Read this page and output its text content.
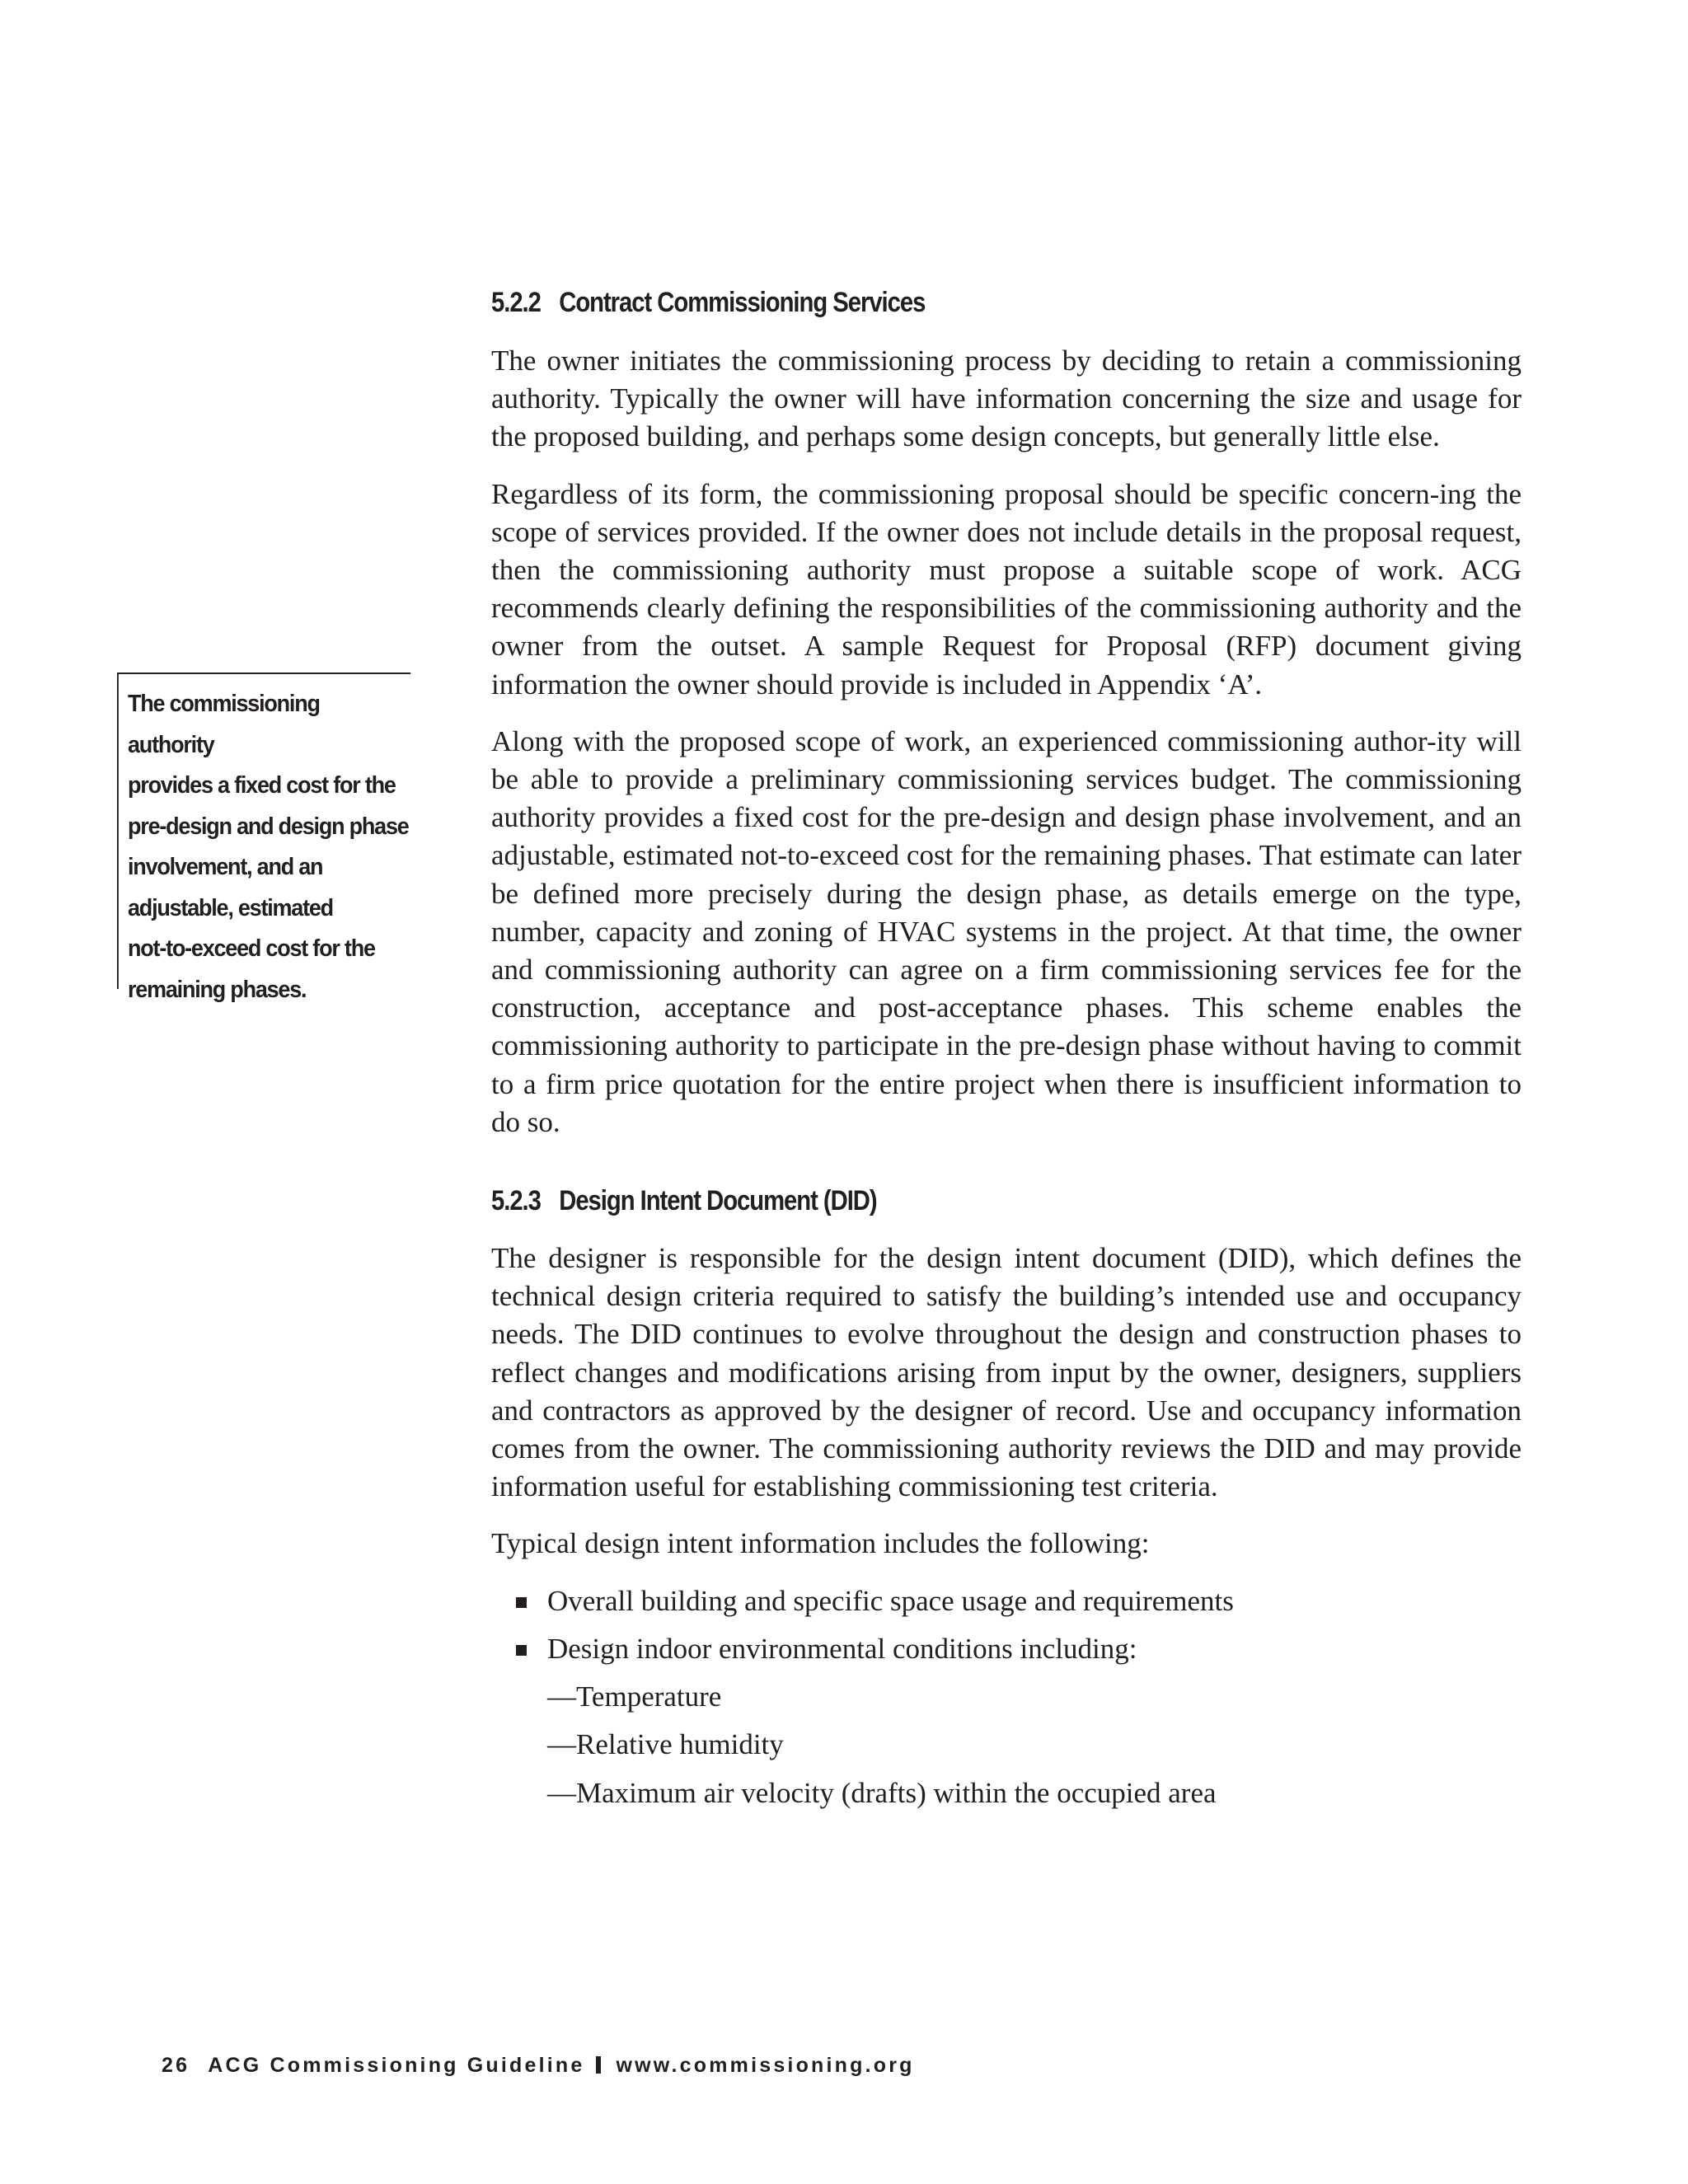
The commissioning authority
provides a fixed cost for the
pre-design and design phase
involvement, and an
adjustable, estimated
not-to-exceed cost for the
remaining phases.
5.2.2 Contract Commissioning Services

The owner initiates the commissioning process by deciding to retain a commissioning authority. Typically the owner will have information concerning the size and usage for the proposed building, and perhaps some design concepts, but generally little else.

Regardless of its form, the commissioning proposal should be specific concern-ing the scope of services provided. If the owner does not include details in the proposal request, then the commissioning authority must propose a suitable scope of work. ACG recommends clearly defining the responsibilities of the commissioning authority and the owner from the outset. A sample Request for Proposal (RFP) document giving information the owner should provide is included in Appendix ‘A’.

Along with the proposed scope of work, an experienced commissioning author-ity will be able to provide a preliminary commissioning services budget. The commissioning authority provides a fixed cost for the pre-design and design phase involvement, and an adjustable, estimated not-to-exceed cost for the remaining phases. That estimate can later be defined more precisely during the design phase, as details emerge on the type, number, capacity and zoning of HVAC systems in the project. At that time, the owner and commissioning authority can agree on a firm commissioning services fee for the construction, acceptance and post-acceptance phases. This scheme enables the commissioning authority to participate in the pre-design phase without having to commit to a firm price quotation for the entire project when there is insufficient information to do so.

5.2.3 Design Intent Document (DID)

The designer is responsible for the design intent document (DID), which defines the technical design criteria required to satisfy the building’s intended use and occupancy needs. The DID continues to evolve throughout the design and construction phases to reflect changes and modifications arising from input by the owner, designers, suppliers and contractors as approved by the designer of record. Use and occupancy information comes from the owner. The commissioning authority reviews the DID and may provide information useful for establishing commissioning test criteria.

Typical design intent information includes the following:

Overall building and specific space usage and requirements
Design indoor environmental conditions including:
—Temperature
—Relative humidity
—Maximum air velocity (drafts) within the occupied area
26 ACG Commissioning Guideline www.commissioning.org
